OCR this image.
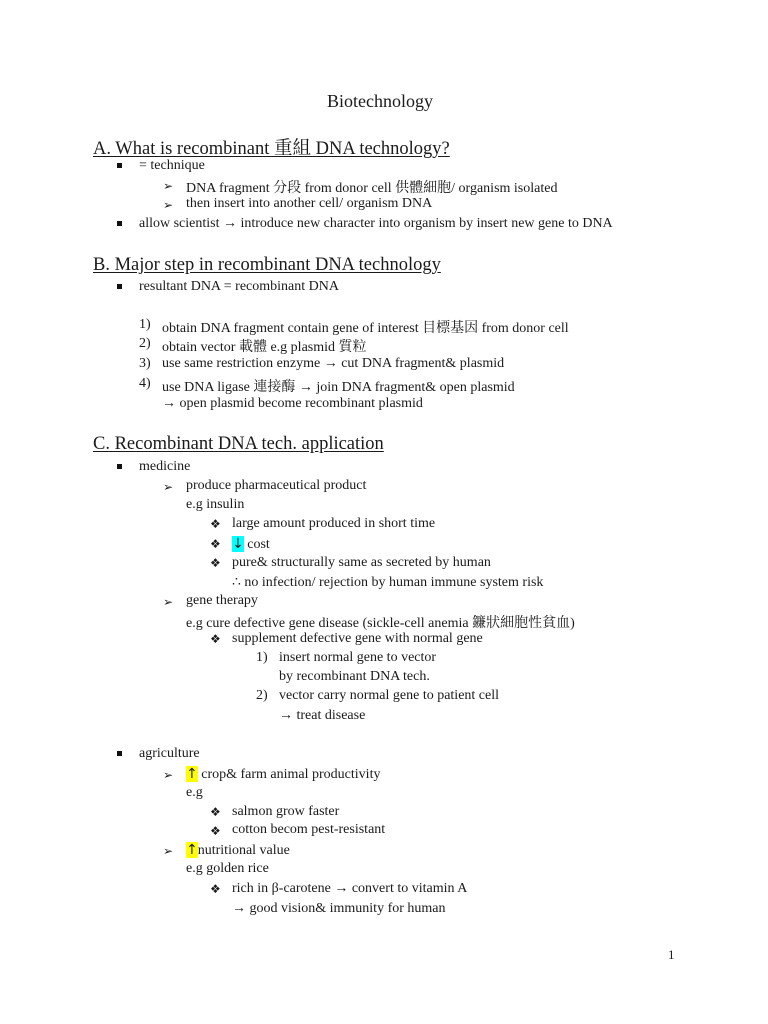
Biotechnology
A. What is recombinant 重組 DNA technology?
= technique
➢ DNA fragment 分段 from donor cell 供體細胞/ organism isolated
➢ then insert into another cell/ organism DNA
allow scientist → introduce new character into organism by insert new gene to DNA
B. Major step in recombinant DNA technology
resultant DNA = recombinant DNA
1) obtain DNA fragment contain gene of interest 目標基因 from donor cell
2) obtain vector 載體 e.g plasmid 質粒
3) use same restriction enzyme → cut DNA fragment& plasmid
4) use DNA ligase 連接酶 → join DNA fragment& open plasmid
→ open plasmid become recombinant plasmid
C. Recombinant DNA tech. application
medicine
➢ produce pharmaceutical product
e.g insulin
❖ large amount produced in short time
❖ ↓ cost
❖ pure& structurally same as secreted by human
∴ no infection/ rejection by human immune system risk
➢ gene therapy
e.g cure defective gene disease (sickle-cell anemia 鐮狀細胞性貧血)
❖ supplement defective gene with normal gene
1) insert normal gene to vector
by recombinant DNA tech.
2) vector carry normal gene to patient cell
→ treat disease
agriculture
➢ ↑ crop& farm animal productivity
e.g
❖ salmon grow faster
❖ cotton becom pest-resistant
➢ ↑nutritional value
e.g golden rice
❖ rich in β-carotene → convert to vitamin A
→ good vision& immunity for human
1
